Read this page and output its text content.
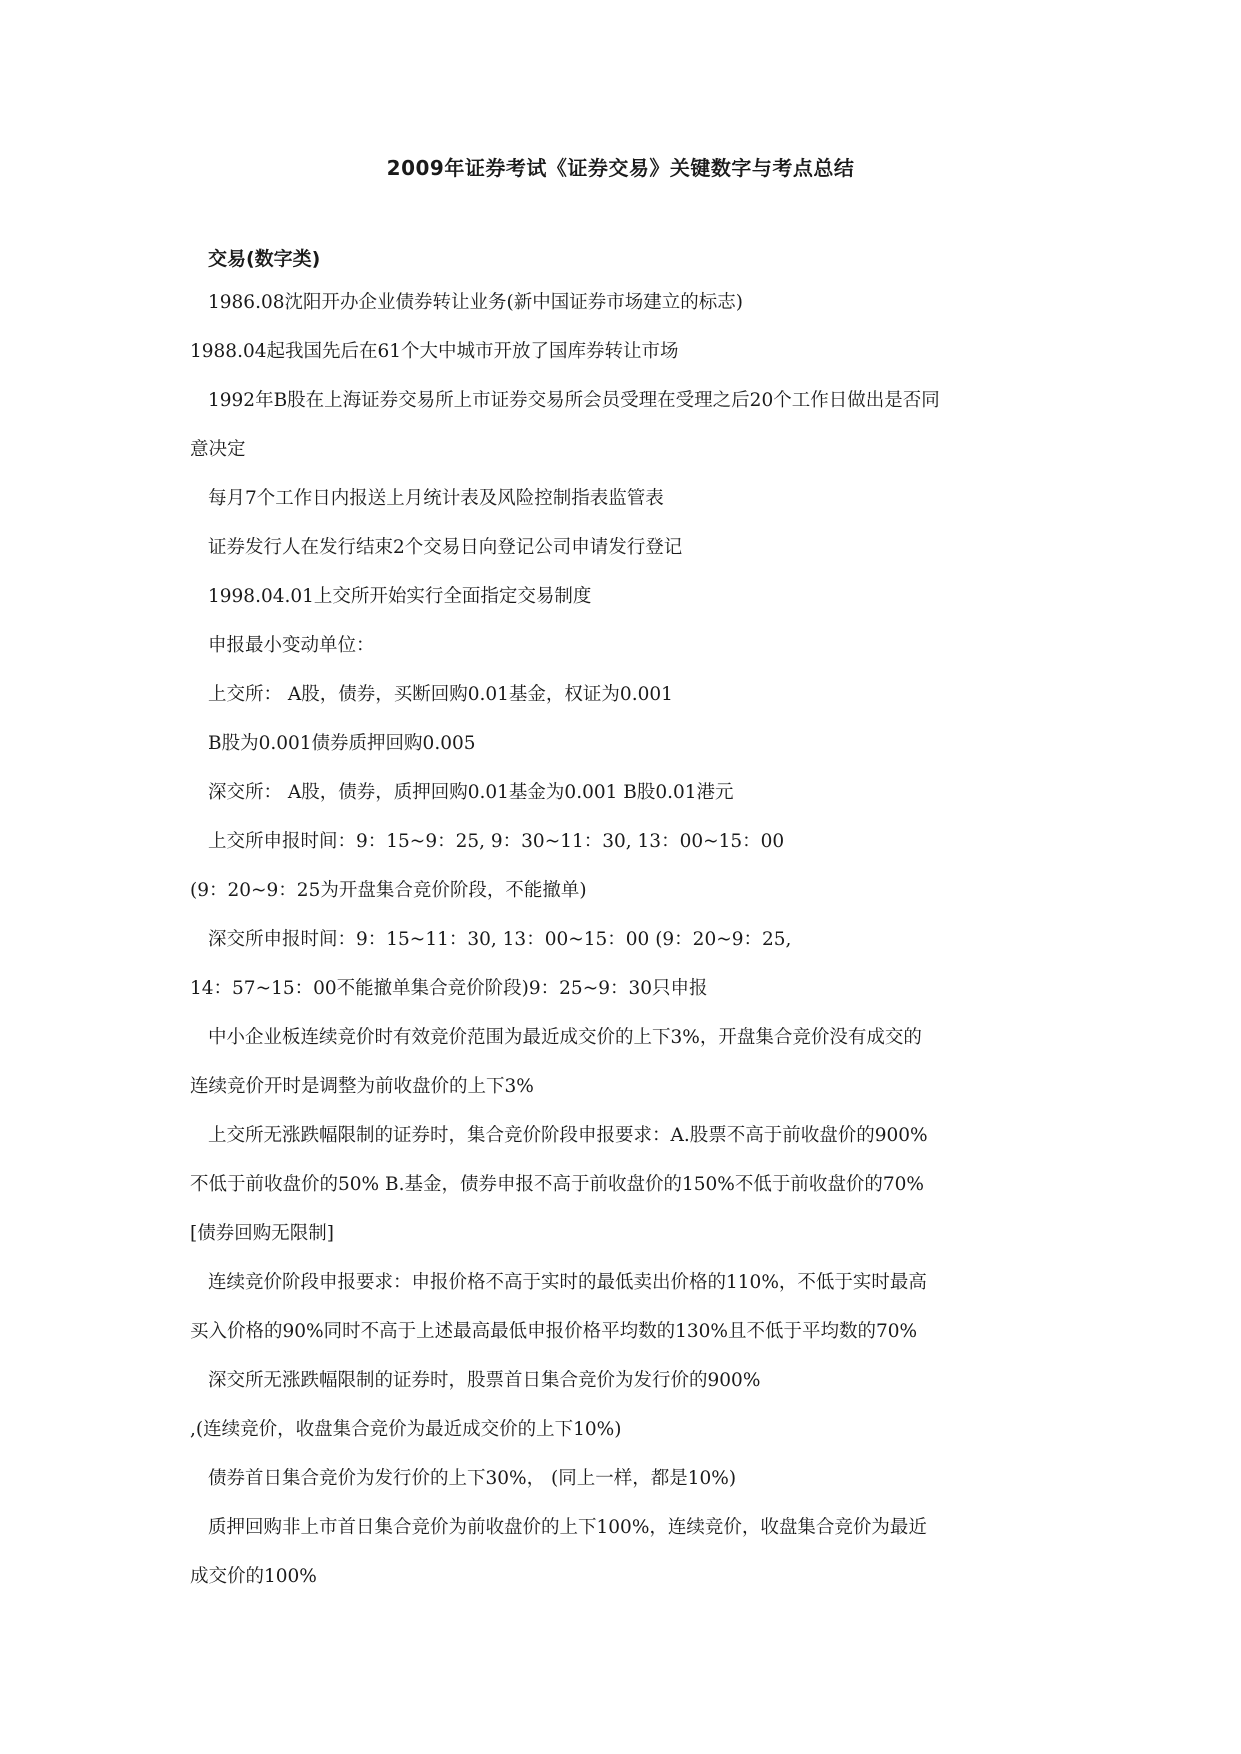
2009年证券考试《证券交易》关键数字与考点总结
交易(数字类)
1986.08沈阳开办企业债券转让业务(新中国证券市场建立的标志)
1988.04起我国先后在61个大中城市开放了国库券转让市场
1992年B股在上海证券交易所上市证券交易所会员受理在受理之后20个工作日做出是否同
意决定
每月7个工作日内报送上月统计表及风险控制指表监管表
证券发行人在发行结束2个交易日向登记公司申请发行登记
1998.04.01上交所开始实行全面指定交易制度
申报最小变动单位：
上交所： A股，债券，买断回购0.01基金，权证为0.001
B股为0.001债券质押回购0.005
深交所： A股，债券，质押回购0.01基金为0.001 B股0.01港元
上交所申报时间：9：15~9：25, 9：30~11：30, 13：00~15：00
(9：20~9：25为开盘集合竞价阶段，不能撤单)
深交所申报时间：9：15~11：30, 13：00~15：00 (9：20~9：25,
14：57~15：00不能撤单集合竞价阶段)9：25~9：30只申报
中小企业板连续竞价时有效竞价范围为最近成交价的上下3%，开盘集合竞价没有成交的
连续竞价开时是调整为前收盘价的上下3%
上交所无涨跌幅限制的证券时，集合竞价阶段申报要求：A.股票不高于前收盘价的900%
不低于前收盘价的50% B.基金，债券申报不高于前收盘价的150%不低于前收盘价的70%
[债券回购无限制]
连续竞价阶段申报要求：申报价格不高于实时的最低卖出价格的110%，不低于实时最高
买入价格的90%同时不高于上述最高最低申报价格平均数的130%且不低于平均数的70%
深交所无涨跌幅限制的证券时，股票首日集合竞价为发行价的900%
,(连续竞价，收盘集合竞价为最近成交价的上下10%)
债券首日集合竞价为发行价的上下30%， (同上一样，都是10%)
质押回购非上市首日集合竞价为前收盘价的上下100%，连续竞价，收盘集合竞价为最近
成交价的100%
